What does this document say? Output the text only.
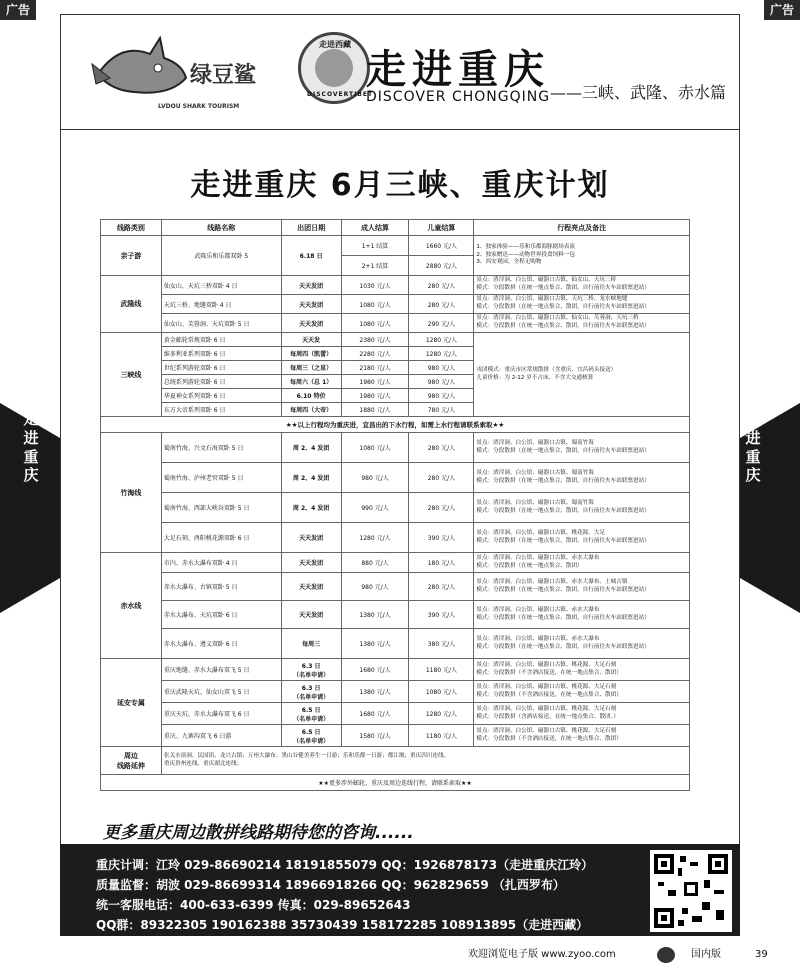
广告	广告
绿豆鲨
LVDOU SHARK TOURISM
走进西藏
DISCOVERTIBET
走进重庆
DISCOVER CHONGQING ——三峡、武隆、赤水篇
走进重庆 6月三峡、重庆计划
线路类别	线路名称	出团日期	成人结算	儿童结算	行程亮点及备注
亲子游	武隆乐和乐都双卧 5	6.18 日	1+1 结算	1660 元/人	1、独家体验——乐和乐都海豚剧场表演
2、独家赠送——动物世界投食饲料一包
3、西安观园、全程无购物
			2+1 结算	2880 元/人	
武隆线	仙女山、天坑三桥双卧 4 日	天天发团	1030 元/人	280 元/人	景点：渣滓洞、白公馆、磁器口古镇、仙女山、天坑三桥
模式：分段散拼（在统一地点集合、散团，自行前往火车站联票进站）
	天坑三桥、地缝双卧 4 日	天天发团	1080 元/人	280 元/人	景点：渣滓洞、白公馆、磁器口古镇、天坑三桥、龙水峡地缝
模式：分段散拼（在统一地点集合、散团，自行前往火车站联票进站）
	仙女山、芙蓉洞、天坑双卧 5 日	天天发团	1080 元/人	290 元/人	景点：渣滓洞、白公馆、磁器口古镇、仙女山、芙蓉洞、天坑三桥
模式：分段散拼（在统一地点集合、散团，自行前往火车站联票进站）
三峡线	黄金邮轮常规双卧 6 日	天天发	2380 元/人	1280 元/人	戎团模式：重庆市区常规散拼（含重庆、宜昌码头接送）
儿童价格：为 2-12 岁不占床、不含大交通核算
	维多利亚系列双卧 6 日	每周四（凯蕾）	2280 元/人	1280 元/人	
	世纪系列游轮双卧 6 日	每周三（之星）	2180 元/人	980 元/人	
	总统系列游轮双卧 6 日	每周六（总 1）	1980 元/人	980 元/人	
	华夏神女系列双卧 6 日	6.10 特价	1980 元/人	980 元/人	
	东方大帝系列双卧 6 日	每周四（大帝）	1880 元/人	780 元/人	
★★以上行程均为重庆进，宜昌出的下水行程，如需上水行程请联系索取★★					
竹海线	蜀南竹海、兴文石海双卧 5 日	周 2、4 发团	1080 元/人	280 元/人	景点：渣滓洞、白公馆、磁器口古镇、蜀南竹海
模式：分段散拼（在统一地点集合，散团，自行前往火车站联票进站）
	蜀南竹海、泸州老窖双卧 5 日	周 2、4 发团	980 元/人	280 元/人	景点：渣滓洞、白公馆、磁器口古镇、蜀南竹海
模式：分段散拼（在统一地点集合，散团，自行前往火车站联票进站）
	蜀南竹海、西部大峡谷双卧 5 日	周 2、4 发团	990 元/人	280 元/人	景点：渣滓洞、白公馆、磁器口古镇、蜀南竹海
模式：分段散拼（在统一地点集合，散团，自行前往火车站联票进站）
	大足石刻、酉阳桃花源双卧 6 日	天天发团	1280 元/人	390 元/人	景点：渣滓洞、白公馆、磁器口古镇、桃花源、大足
模式：分段散拼（在统一地点集合，散团，自行前往火车站联票进站）
赤水线	市内、赤水大瀑布双卧 4 日	天天发团	880 元/人	180 元/人	景点：渣滓洞、白公馆、磁器口古镇、赤水大瀑布
模式：分段散拼（在统一地点集合、散团）
	赤水大瀑布、古镇双卧 5 日	天天发团	980 元/人	280 元/人	景点：渣滓洞、白公馆、磁器口古镇、赤水大瀑布、土城古镇
模式：分段散拼（在统一地点集合、散团，自行前往火车站联票进站）
	赤水大瀑布、天坑双卧 6 日	天天发团	1380 元/人	390 元/人	景点：渣滓洞、白公馆、磁器口古镇、赤水大瀑布
模式：分段散拼（在统一地点集合、散团，自行前往火车站联票进站）
	赤水大瀑布、遵义双卧 6 日	每周三	1380 元/人	380 元/人	景点：渣滓洞、白公馆、磁器口古镇、赤水大瀑布
模式：分段散拼（在统一地点集合、散团，自行前往火车站联票进站）
延安专属	重庆地缝、赤水大瀑布双飞 5 日	6.3 日
（名单申请）	1680 元/人	1180 元/人	景点：渣滓洞、白公馆、磁器口古镇、桃花源、大足石刻
模式：分段散拼（不含酒店接送，在统一地点集合、散团）
	重庆武隆天坑、仙女山双飞 5 日	6.3 日
（名单申请）	1380 元/人	1080 元/人	景点：渣滓洞、白公馆、磁器口古镇、桃花源、大足石刻
模式：分段散拼（不含酒店接送，在统一地点集合、散团）
	重庆天坑、赤水大瀑布双飞 6 日	6.5 日
（名单申请）	1680 元/人	1280 元/人	景点：渣滓洞、白公馆、磁器口古镇、桃花源、大足石刻
模式：分段散拼（含酒店接送，在统一地点集合、散团。）
	重庆、九寨沟双飞 6 日游	6.5 日
（名单申请）	1580 元/人	1180 元/人	景点：渣滓洞、白公馆、磁器口古镇、桃花源、大足石刻
模式：分段散拼（不含酒店接送，在统一地点集合、散团）
周边
线路延伸	张关水溶洞、民国街、龙兴古镇；万州大瀑布；黑山谷健美养生一日游；乐和乐都一日游；都江堰；重庆四川连线、
重庆贵州连线、重庆湖北连线；				
★★更多涉外邮轮、重庆及周边连线行程，请联系索取★★					
走
进
重
庆
走
进
重
庆
更多重庆周边散拼线路期待您的咨询......
重庆计调：江玲 029-86690214 18191855079 QQ：1926878173（走进重庆江玲）
质量监督：胡波 029-86699314 18966918266 QQ：962829659 （扎西罗布）
统一客服电话：400-633-6399 传真：029-89652643
QQ群：89322305 190162388 35730439 158172285 108913895（走进西藏）
欢迎浏览电子版 www.zyoo.com	国内版	39
